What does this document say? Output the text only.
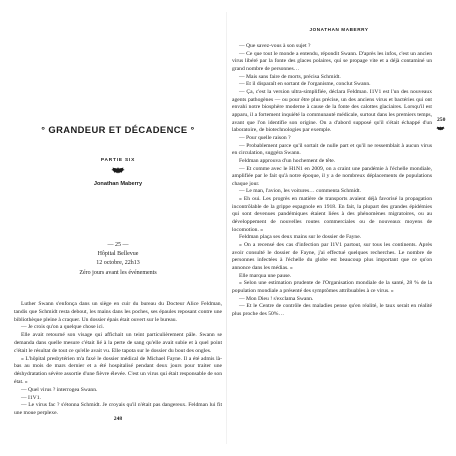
° GRANDEUR ET DÉCADENCE °
PARTIE SIX
Jonathan Maberry
— 25 —
Hôpital Bellevue
12 octobre, 22h13
Zéro jours avant les événements

Luther Swann s'enfonça dans un siège en cuir du bureau du Docteur Alice Feldman, tandis que Schmidt resta debout, les mains dans les poches, ses épaules reposant contre une bibliothèque pleine à craquer. Un dossier épais était ouvert sur le bureau.

— Je crois qu'on a quelque chose ici.

Elle avait retourné son visage qui affichait un teint particulièrement pâle. Swann se demanda dans quelle mesure c'était lié à la perte de sang qu'elle avait subie et à quel point c'était le résultat de tout ce qu'elle avait vu. Elle tapota sur le dossier du bout des ongles.

« L'hôpital presbytérien m'a faxé le dossier médical de Michael Fayne. Il a été admis là-bas au mois de mars dernier et a été hospitalisé pendant deux jours pour traiter une déshydratation sévère assortie d'une fièvre élevée. C'est un virus qui était responsable de son état. »

— Quel virus ? interrogea Swann.

— I1V1.

— Le virus fac ? s'étonna Schmidt. Je croyais qu'il n'était pas dangereux. Feldman lui fit une moue perplexe.

248
JONATHAN MABERRY
250

— Que savez-vous à son sujet ?

— Ce que tout le monde a entendu, répondit Swann. D'après les infos, c'est un ancien virus libéré par la fonte des glaces polaires, qui se propage vite et a déjà contaminé un grand nombre de personnes…

— Mais sans faire de morts, précisa Schmidt.

— Et il disparaît en sortant de l'organisme, conclut Swann.

— Ça, c'est la version ultra-simplifiée, déclara Feldman. I1V1 est l'un des nouveaux agents pathogènes — ou pour être plus précise, un des anciens virus et bactéries qui ont envahi notre biosphère moderne à cause de la fonte des calottes glaciaires. Lorsqu'il est apparu, il a fortement inquiété la communauté médicale, surtout dans les premiers temps, avant que l'on identifie son origine. On a d'abord supposé qu'il s'était échappé d'un laboratoire, de biotechnologies par exemple.

— Pour quelle raison ?

— Probablement parce qu'il sortait de nulle part et qu'il ne ressemblait à aucun virus en circulation, suggéra Swann.

Feldman approuva d'un hochement de tête.

— Et comme avec le H1N1 en 2009, on a craint une pandémie à l'échelle mondiale, amplifiée par le fait qu'à notre époque, il y a de nombreux déplacements de populations chaque jour.

— Le man, l'avion, les voitures… commenta Schmidt.

« Eh oui. Les progrès en matière de transports avaient déjà favorisé la propagation incontrôlable de la grippe espagnole en 1918. En fait, la plupart des grandes épidémies qui sont devenues pandémiques étaient liées à des phénomènes migratoires, ou au développement de nouvelles routes commerciales ou de nouveaux moyens de locomotion. »

Feldman plaça ses deux mains sur le dossier de Fayne.

« On a recensé des cas d'infection par I1V1 partout, sur tous les continents. Après avoir consulté le dossier de Fayne, j'ai effectué quelques recherches. Le nombre de personnes infectées à l'échelle du globe est beaucoup plus important que ce qu'on annonce dans les médias. »

Elle marqua une pause.

« Selon une estimation prudente de l'Organisation mondiale de la santé, 28 % de la population mondiale a présenté des symptômes attribuables à ce virus. »

— Mon Dieu ! s'exclama Swann.

— Et le Centre de contrôle des maladies pense qu'en réalité, le taux serait en réalité plus proche des 50%…
